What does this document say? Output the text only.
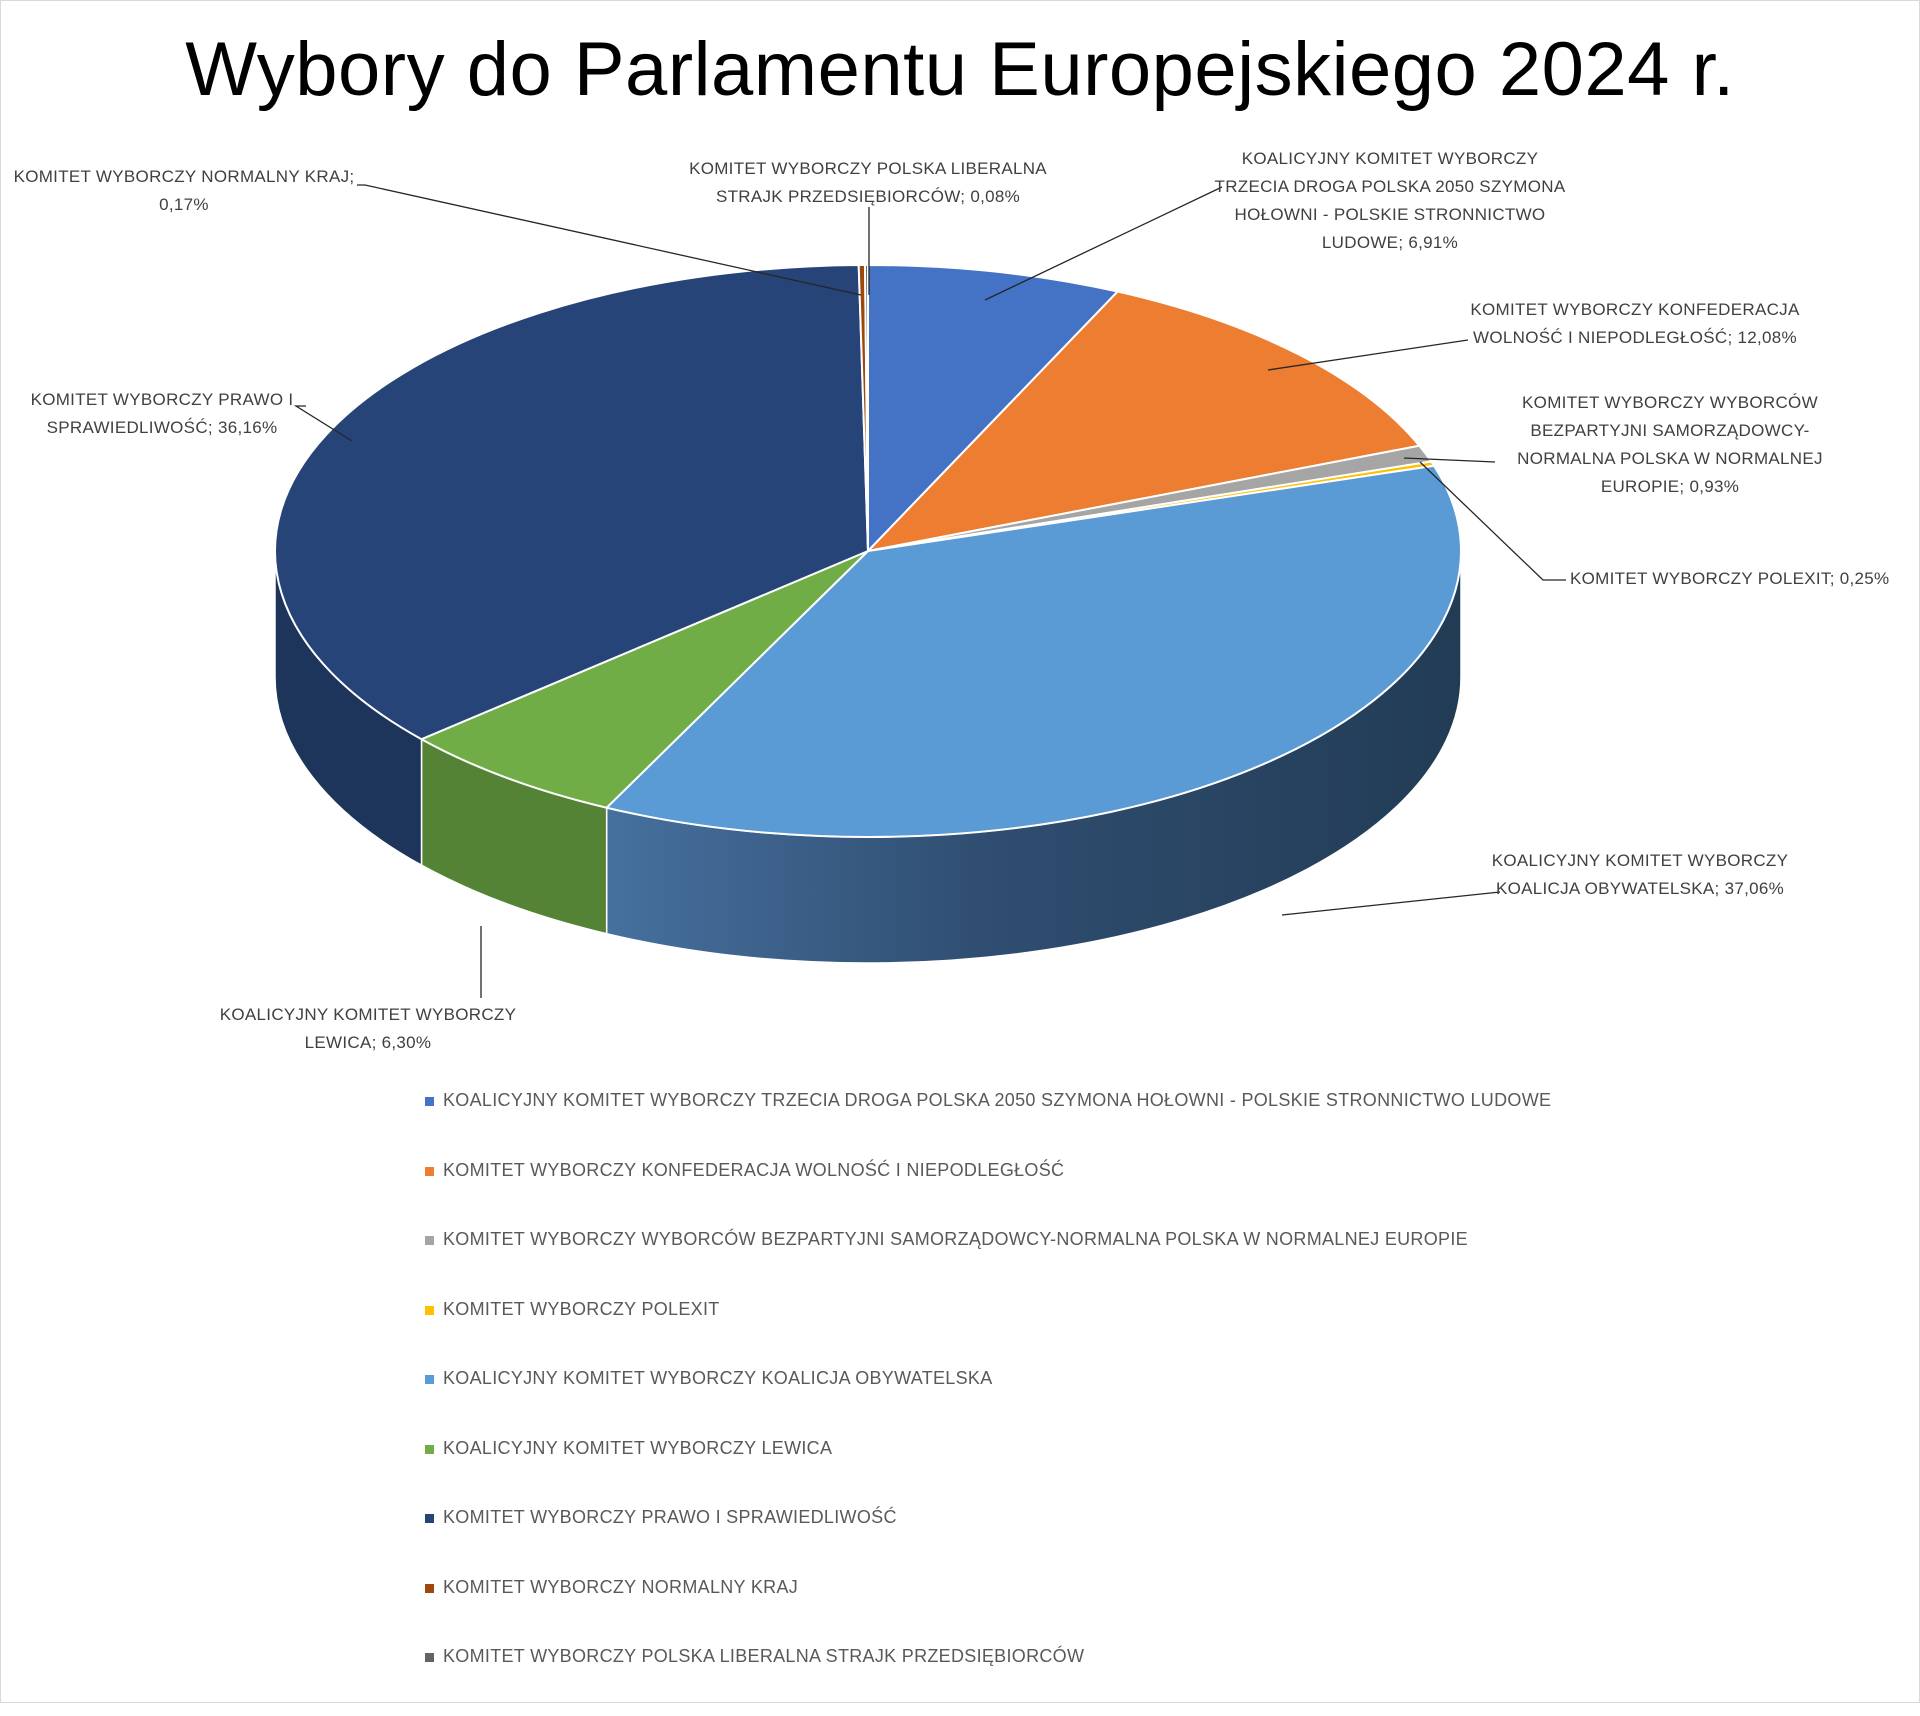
Wybory do Parlamentu Europejskiego 2024 r.
KOALICYJNY KOMITET WYBORCZY TRZECIA DROGA POLSKA 2050 SZYMONA HOŁOWNI - POLSKIE STRONNICTWO LUDOWE; 6,91%
KOMITET WYBORCZY KONFEDERACJA WOLNOŚĆ I NIEPODLEGŁOŚĆ; 12,08%
KOMITET WYBORCZY WYBORCÓW BEZPARTYJNI SAMORZĄDOWCY-NORMALNA POLSKA W NORMALNEJ EUROPIE; 0,93%
KOMITET WYBORCZY POLEXIT; 0,25%
KOALICYJNY KOMITET WYBORCZY KOALICJA OBYWATELSKA; 37,06%
KOALICYJNY KOMITET WYBORCZY LEWICA; 6,30%
KOMITET WYBORCZY PRAWO I SPRAWIEDLIWOŚĆ; 36,16%
KOMITET WYBORCZY NORMALNY KRAJ; 0,17%
KOMITET WYBORCZY POLSKA LIBERALNA STRAJK PRZEDSIĘBIORCÓW; 0,08%
KOALICYJNY KOMITET WYBORCZY TRZECIA DROGA POLSKA 2050 SZYMONA HOŁOWNI - POLSKIE STRONNICTWO LUDOWE
KOMITET WYBORCZY KONFEDERACJA WOLNOŚĆ I NIEPODLEGŁOŚĆ
KOMITET WYBORCZY WYBORCÓW BEZPARTYJNI SAMORZĄDOWCY-NORMALNA POLSKA W NORMALNEJ EUROPIE
KOMITET WYBORCZY POLEXIT
KOALICYJNY KOMITET WYBORCZY KOALICJA OBYWATELSKA
KOALICYJNY KOMITET WYBORCZY LEWICA
KOMITET WYBORCZY PRAWO I SPRAWIEDLIWOŚĆ
KOMITET WYBORCZY NORMALNY KRAJ
KOMITET WYBORCZY POLSKA LIBERALNA STRAJK PRZEDSIĘBIORCÓW
